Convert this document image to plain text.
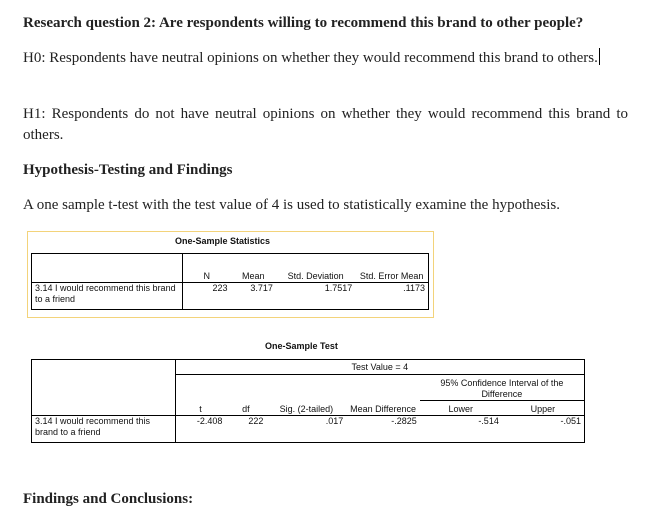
Research question 2: Are respondents willing to recommend this brand to other people?
H0: Respondents have neutral opinions on whether they would recommend this brand to others.
H1: Respondents do not have neutral opinions on whether they would recommend this brand to others.
Hypothesis-Testing and Findings
A one sample t-test with the test value of 4 is used to statistically examine the hypothesis.
One-Sample Statistics
	N	Mean	Std. Deviation	Std. Error Mean
3.14 I would recommend this brand to a friend	223	3.717	1.7517	.1173
One-Sample Test
	Test Value = 4					
					95% Confidence Interval of the Difference	
	t	df	Sig. (2-tailed)	Mean Difference	Lower	Upper
3.14 I would recommend this brand to a friend	-2.408	222	.017	-.2825	-.514	-.051
Findings and Conclusions:
